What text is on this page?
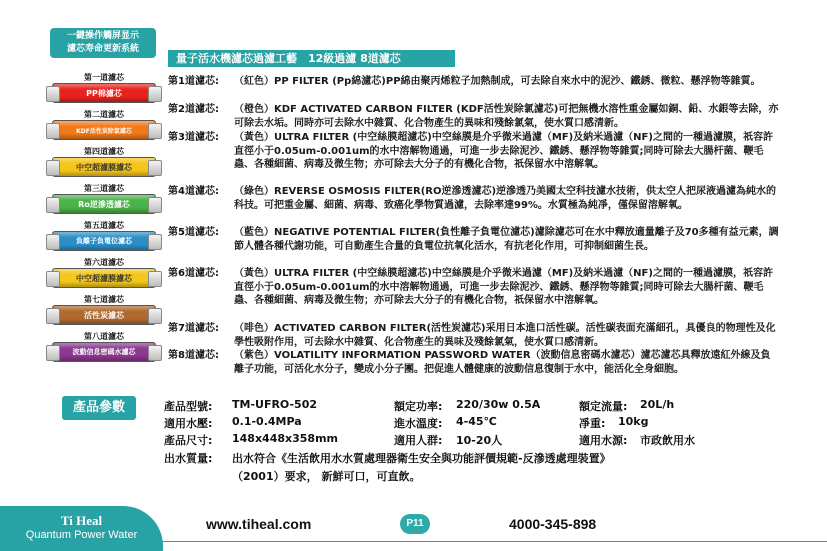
一鍵操作觸屏显示
濾芯寿命更新系統
量子活水機濾芯過濾工藝　12級過濾 8道濾芯
第一道濾芯
PP棉濾芯
第二道濾芯
KDF活性炭除氯濾芯
第四道濾芯
中空超濾膜濾芯
第三道濾芯
Ro逆滲透濾芯
第五道濾芯
負離子負電位濾芯
第六道濾芯
中空超濾膜濾芯
第七道濾芯
活性炭濾芯
第八道濾芯
波動信息密碼水濾芯
第1道濾芯: （紅色）PP FILTER (Pp綿濾芯)PP綿由聚丙烯粒子加熱制成，可去除自來水中的泥沙、鐵銹、微粒、懸浮物等雜質。
第2道濾芯: （橙色）KDF ACTIVATED CARBON FILTER (KDF活性炭除氯濾芯)可把無機水溶性重金屬如銅、鉛、水銀等去除，亦可除去水垢。同時亦可去除水中雜質、化合物產生的異味和殘餘氯氣，使水質口感清新。
第3道濾芯: （黃色）ULTRA FILTER (中空絲膜超濾芯)中空絲膜是介乎微米過濾（MF)及納米過濾（NF)之間的一種過濾膜，祇容許直徑小于0.05um-0.001um的水中溶解物通過，可進一步去除泥沙、鐵銹、懸浮物等雜質;同時可除去大腸杆菌、鞭毛蟲、各種細菌、病毒及微生物；亦可除去大分子的有機化合物，祇保留水中溶解氧。
第4道濾芯: （綠色）REVERSE OSMOSIS FILTER(RO逆滲透濾芯)逆滲透乃美國太空科技濾水技術，供太空人把尿液過濾為純水的科技。可把重金屬、細菌、病毒、致癌化學物質過濾，去除率達99%。水質極為純凈，僅保留溶解氧。
第5道濾芯: （藍色）NEGATIVE POTENTIAL FILTER(負性離子負電位濾芯)濾除濾芯可在水中釋放適量離子及70多種有益元素，調節人體各種代謝功能，可自動產生合量的負電位抗氧化活水，有抗老化作用，可抑制細菌生長。
第6道濾芯: （黃色）ULTRA FILTER (中空絲膜超濾芯)中空絲膜是介乎微米過濾（MF)及納米過濾（NF)之間的一種過濾膜，祇容許直徑小于0.05um-0.001um的水中溶解物通過，可進一步去除泥沙、鐵銹、懸浮物等雜質;同時可除去大腸杆菌、鞭毛蟲、各種細菌、病毒及微生物；亦可除去大分子的有機化合物，祇保留水中溶解氧。
第7道濾芯: （啡色）ACTIVATED CARBON FILTER(活性炭濾芯)采用日本進口活性碳。活性碳表面充滿細孔，具優良的物理性及化學性吸附作用，可去除水中雜質、化合物產生的異味及殘餘氯氣，使水質口感清新。
第8道濾芯: （紫色）VOLATILITY INFORMATION PASSWORD WATER（波動信息密碼水濾芯）濾芯濾芯具釋放遠紅外線及負離子功能，可活化水分子，變成小分子團。把促進人體健康的波動信息復制于水中，能活化全身細胞。
產品參數	產品型號: TM-UFRO-502	額定功率: 220/30w 0.5A	額定流量: 20L/h
適用水壓: 0.1-0.4MPa	進水溫度: 4-45℃	凈重: 10kg
產品尺寸: 148x448x358mm	適用人群: 10-20人	適用水源: 市政飲用水
出水質量: 出水符合《生活飲用水水質處理器衛生安全與功能評價規範-反滲透處理裝置》
（2001）要求， 新鮮可口，可直飲。
Ti Heal
Quantum Power Water
www.tiheal.com	P11	4000-345-898
